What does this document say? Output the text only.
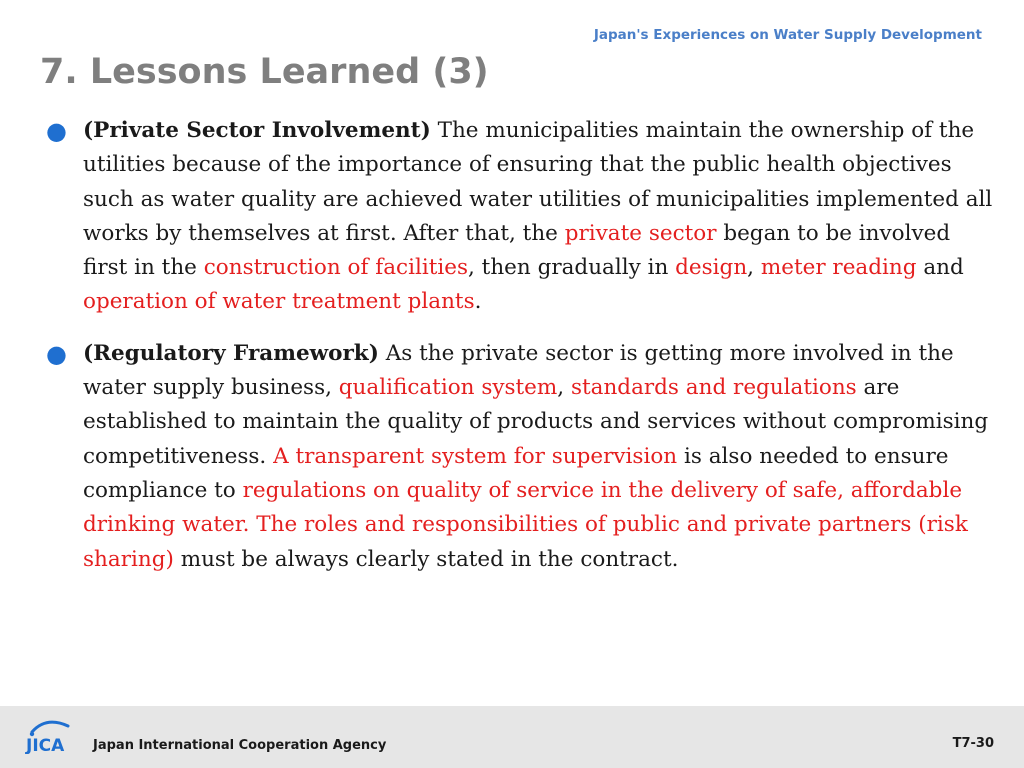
Japan's Experiences on Water Supply Development
7. Lessons Learned (3)
● (Private Sector Involvement) The municipalities maintain the ownership of the utilities because of the importance of ensuring that the public health objectives such as water quality are achieved water utilities of municipalities implemented all works by themselves at first. After that, the private sector began to be involved first in the construction of facilities, then gradually in design, meter reading and operation of water treatment plants.
● (Regulatory Framework) As the private sector is getting more involved in the water supply business, qualification system, standards and regulations are established to maintain the quality of products and services without compromising competitiveness. A transparent system for supervision is also needed to ensure compliance to regulations on quality of service in the delivery of safe, affordable drinking water. The roles and responsibilities of public and private partners (risk sharing) must be always clearly stated in the contract.
JICA Japan International Cooperation Agency	T7-30
